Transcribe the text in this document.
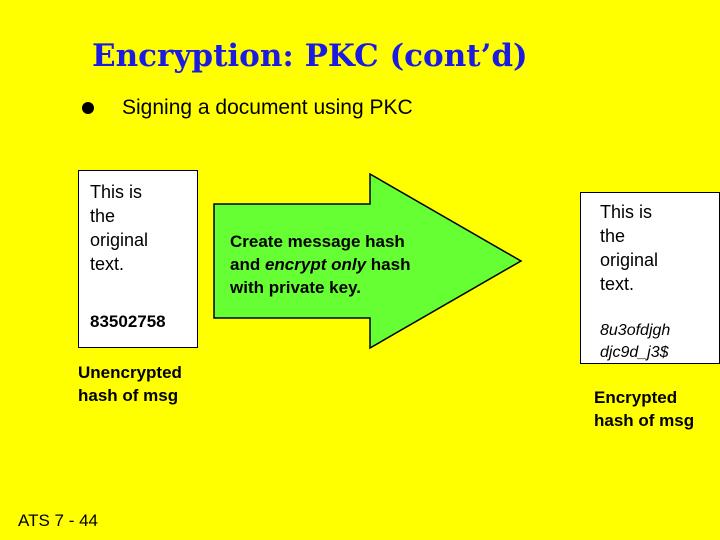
Encryption: PKC (cont’d)
Signing a document using PKC
This is
the
original
text.
83502758
Unencrypted
hash of msg
Create message hash
and encrypt only hash
with private key.
This is
the
original
text.
8u3ofdjgh
djc9d_j3$
Encrypted
hash of msg
ATS 7 - 44
